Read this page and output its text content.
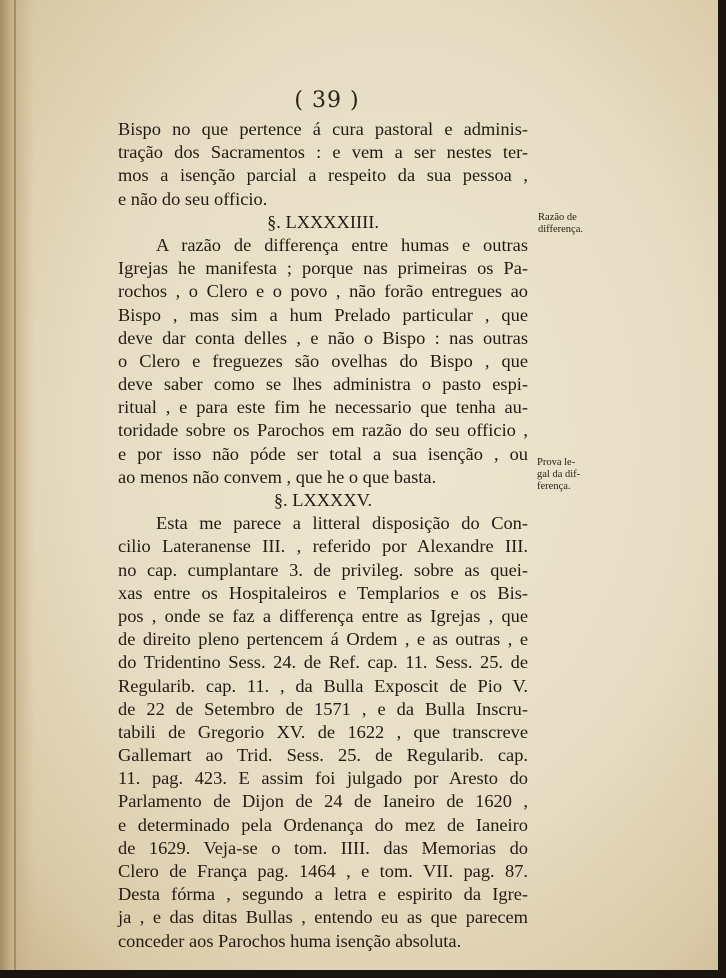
( 39 )
Bispo no que pertence á cura pastoral e adminis-
tração dos Sacramentos : e vem a ser nestes ter-
mos a isenção parcial a respeito da sua pessoa ,
e não do seu officio.
§. LXXXXIIII.
A razão de differença entre humas e outras
Igrejas he manifesta ; porque nas primeiras os Pa-
rochos , o Clero e o povo , não forão entregues ao
Bispo , mas sim a hum Prelado particular , que
deve dar conta delles , e não o Bispo : nas outras
o Clero e freguezes são ovelhas do Bispo , que
deve saber como se lhes administra o pasto espi-
ritual , e para este fim he necessario que tenha au-
toridade sobre os Parochos em razão do seu officio ,
e por isso não póde ser total a sua isenção , ou
ao menos não convem , que he o que basta.
§. LXXXXV.
Esta me parece a litteral disposição do Con-
cilio Lateranense III. , referido por Alexandre III.
no cap. cumplantare 3. de privileg. sobre as quei-
xas entre os Hospitaleiros e Templarios e os Bis-
pos , onde se faz a differença entre as Igrejas , que
de direito pleno pertencem á Ordem , e as outras , e
do Tridentino Sess. 24. de Ref. cap. 11. Sess. 25. de
Regularib. cap. 11. , da Bulla Exposcit de Pio V.
de 22 de Setembro de 1571 , e da Bulla Inscru-
tabili de Gregorio XV. de 1622 , que transcreve
Gallemart ao Trid. Sess. 25. de Regularib. cap.
11. pag. 423. E assim foi julgado por Aresto do
Parlamento de Dijon de 24 de Ianeiro de 1620 ,
e determinado pela Ordenança do mez de Ianeiro
de 1629. Veja-se o tom. IIII. das Memorias do
Clero de França pag. 1464 , e tom. VII. pag. 87.
Desta fórma , segundo a letra e espirito da Igre-
ja , e das ditas Bullas , entendo eu as que parecem
conceder aos Parochos huma isenção absoluta.
Razão de
differença.
Prova le-
gal da dif-
ferença.
